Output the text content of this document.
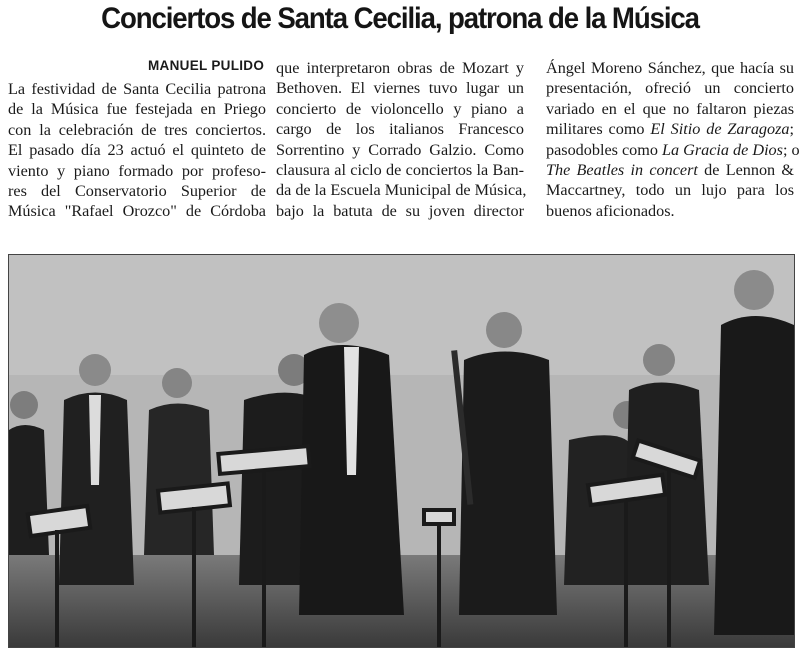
Conciertos de Santa Cecilia, patrona de la Música
MANUEL PULIDO
La festividad de Santa Cecilia patrona
de la Música fue festejada en Priego
con la celebración de tres conciertos.
El pasado día 23 actuó el quinteto de
viento y piano formado por profeso-
res del Conservatorio Superior de
Música "Rafael Orozco" de Córdoba
que interpretaron obras de Mozart y
Bethoven. El viernes tuvo lugar un
concierto de violoncello y piano a
cargo de los italianos Francesco
Sorrentino y Corrado Galzio. Como
clausura al ciclo de conciertos la Ban-
da de la Escuela Municipal de Música,
bajo la batuta de su joven director
Ángel Moreno Sánchez, que hacía su
presentación, ofreció un concierto
variado en el que no faltaron piezas
militares como El Sitio de Zaragoza;
pasodobles como La Gracia de Dios; o
The Beatles in concert de Lennon &
Maccartney, todo un lujo para los
buenos aficionados.
